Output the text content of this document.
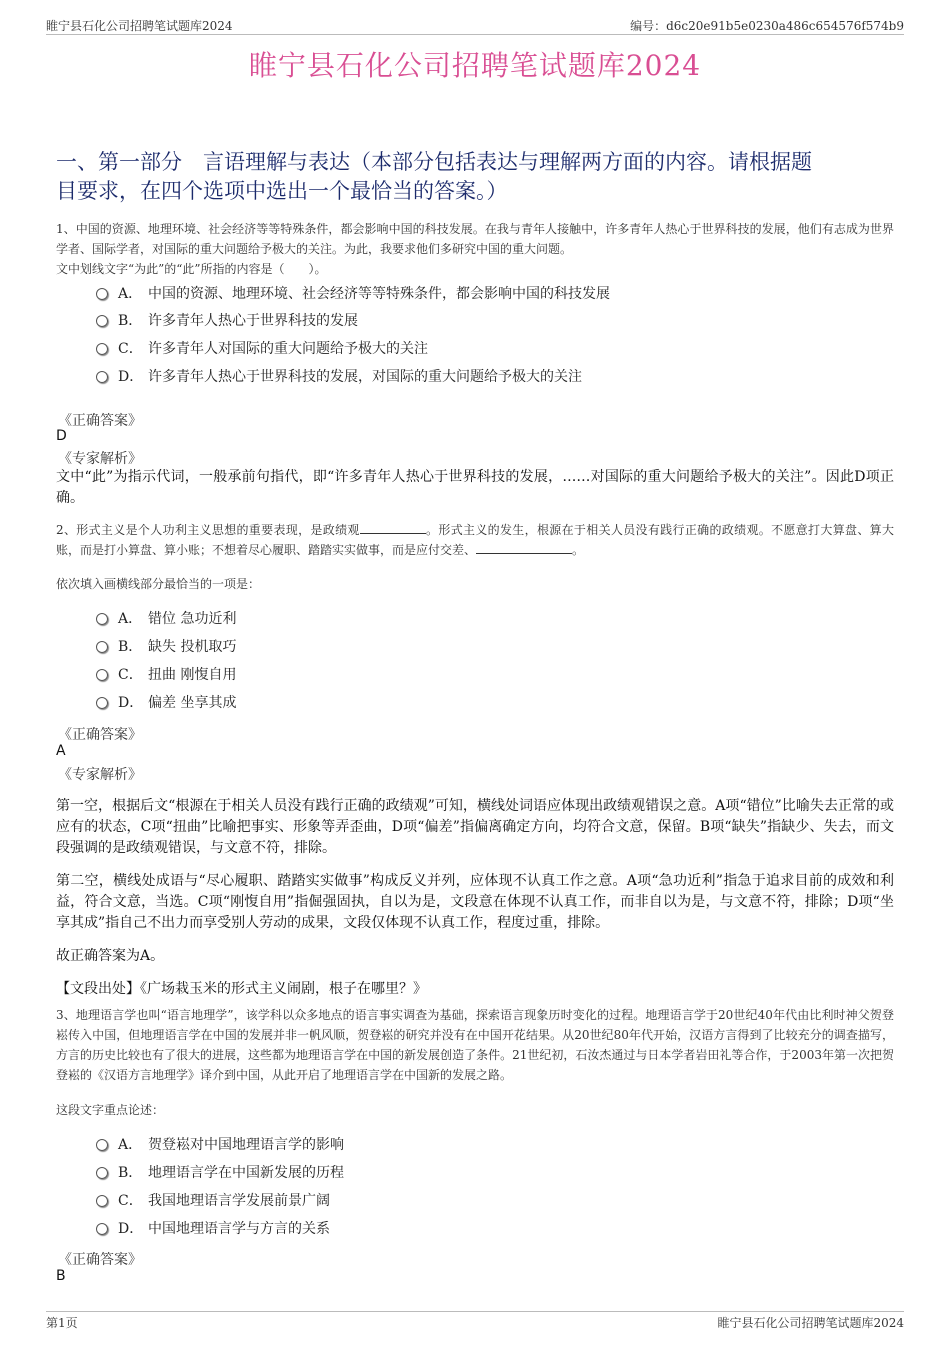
睢宁县石化公司招聘笔试题库2024	编号：d6c20e91b5e0230a486c654576f574b9
睢宁县石化公司招聘笔试题库2024
一、第一部分　言语理解与表达（本部分包括表达与理解两方面的内容。请根据题
目要求，在四个选项中选出一个最恰当的答案。）

1、中国的资源、地理环境、社会经济等等特殊条件，都会影响中国的科技发展。在我与青年人接触中，许多青年人热心于世界科技的发展，他们有志成为世界学者、国际学者，对国际的重大问题给予极大的关注。为此，我要求他们多研究中国的重大问题。

文中划线文字“为此”的“此”所指的内容是（　　）。

A． 中国的资源、地理环境、社会经济等等特殊条件，都会影响中国的科技发展
B． 许多青年人热心于世界科技的发展
C． 许多青年人对国际的重大问题给予极大的关注
D． 许多青年人热心于世界科技的发展，对国际的重大问题给予极大的关注
《正确答案》
D
《专家解析》

文中“此”为指示代词，一般承前句指代，即“许多青年人热心于世界科技的发展，……对国际的重大问题给予极大的关注”。因此D项正确。

2、形式主义是个人功利主义思想的重要表现，是政绩观	。形式主义的发生，根源在于相关人员没有践行正确的政绩观。不愿意打大算盘、算大账，而是打小算盘、算小账；不想着尽心履职、踏踏实实做事，而是应付交差、	。

依次填入画横线部分最恰当的一项是：

A． 错位 急功近利
B． 缺失 投机取巧
C． 扭曲 刚愎自用
D． 偏差 坐享其成
《正确答案》
A
《专家解析》

第一空，根据后文“根源在于相关人员没有践行正确的政绩观”可知，横线处词语应体现出政绩观错误之意。A项“错位”比喻失去正常的或应有的状态，C项“扭曲”比喻把事实、形象等弄歪曲，D项“偏差”指偏离确定方向，均符合文意，保留。B项“缺失”指缺少、失去，而文段强调的是政绩观错误，与文意不符，排除。

第二空，横线处成语与“尽心履职、踏踏实实做事”构成反义并列，应体现不认真工作之意。A项“急功近利”指急于追求目前的成效和利益，符合文意，当选。C项“刚愎自用”指倔强固执，自以为是，文段意在体现不认真工作，而非自以为是，与文意不符，排除；D项“坐享其成”指自己不出力而享受别人劳动的成果，文段仅体现不认真工作，程度过重，排除。

故正确答案为A。

【文段出处】《广场栽玉米的形式主义闹剧，根子在哪里？》

3、地理语言学也叫“语言地理学”，该学科以众多地点的语言事实调查为基础，探索语言现象历时变化的过程。地理语言学于20世纪40年代由比利时神父贺登崧传入中国，但地理语言学在中国的发展并非一帆风顺，贺登崧的研究并没有在中国开花结果。从20世纪80年代开始，汉语方言得到了比较充分的调查描写，方言的历史比较也有了很大的进展，这些都为地理语言学在中国的新发展创造了条件。21世纪初，石汝杰通过与日本学者岩田礼等合作，于2003年第一次把贺登崧的《汉语方言地理学》译介到中国，从此开启了地理语言学在中国新的发展之路。

这段文字重点论述：

A． 贺登崧对中国地理语言学的影响
B． 地理语言学在中国新发展的历程
C． 我国地理语言学发展前景广阔
D． 中国地理语言学与方言的关系
《正确答案》
B
第1页	睢宁县石化公司招聘笔试题库2024
